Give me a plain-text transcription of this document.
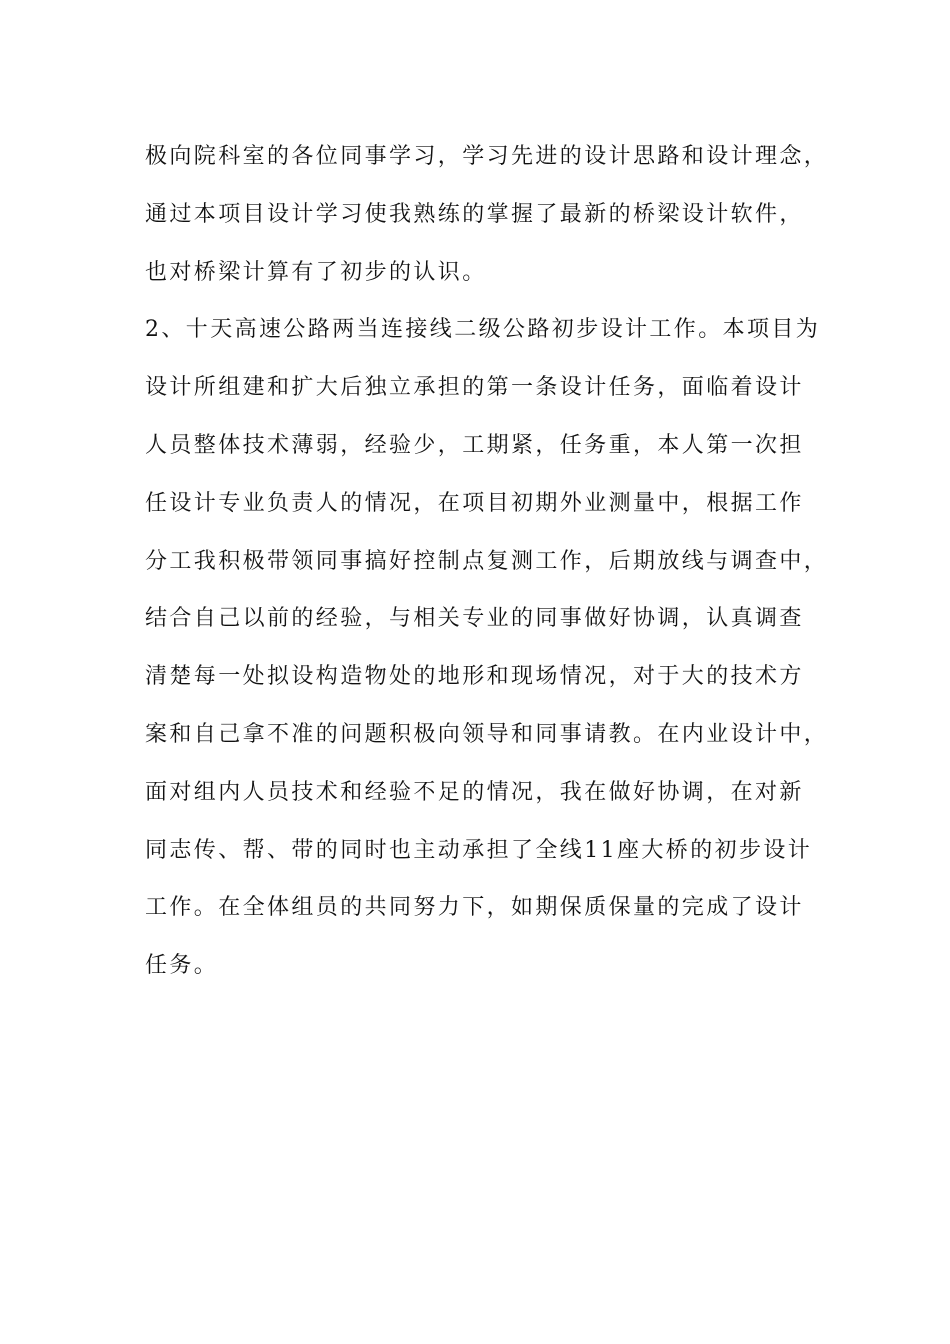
极向院科室的各位同事学习，学习先进的设计思路和设计理念，
通过本项目设计学习使我熟练的掌握了最新的桥梁设计软件，
也对桥梁计算有了初步的认识。
2、十天高速公路两当连接线二级公路初步设计工作。本项目为
设计所组建和扩大后独立承担的第一条设计任务，面临着设计
人员整体技术薄弱，经验少，工期紧，任务重，本人第一次担
任设计专业负责人的情况，在项目初期外业测量中，根据工作
分工我积极带领同事搞好控制点复测工作，后期放线与调查中，
结合自己以前的经验，与相关专业的同事做好协调，认真调查
清楚每一处拟设构造物处的地形和现场情况，对于大的技术方
案和自己拿不准的问题积极向领导和同事请教。在内业设计中，
面对组内人员技术和经验不足的情况，我在做好协调，在对新
同志传、帮、带的同时也主动承担了全线11座大桥的初步设计
工作。在全体组员的共同努力下，如期保质保量的完成了设计
任务。
